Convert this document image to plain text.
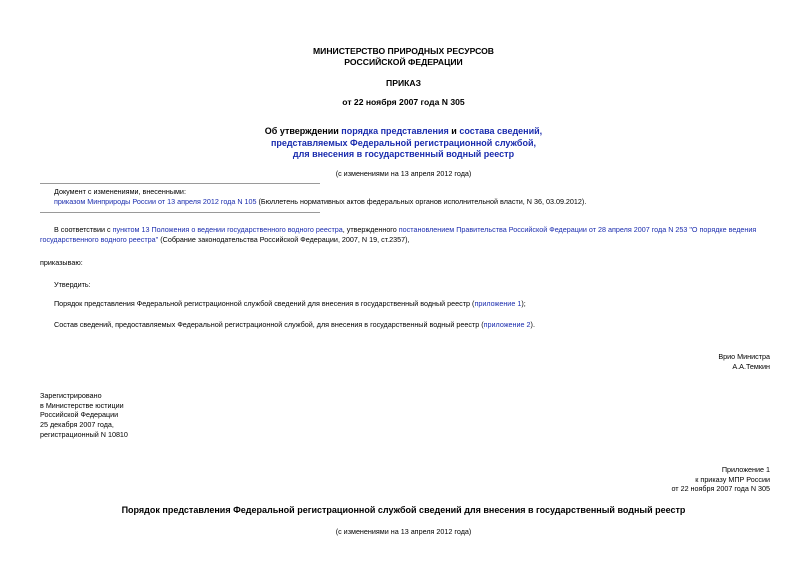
МИНИСТЕРСТВО ПРИРОДНЫХ РЕСУРСОВ
РОССИЙСКОЙ ФЕДЕРАЦИИ
ПРИКАЗ
от 22 ноября 2007 года N 305
Об утверждении порядка представления и состава сведений,
представляемых Федеральной регистрационной службой,
для внесения в государственный водный реестр
(с изменениями на 13 апреля 2012 года)
Документ с изменениями, внесенными:
приказом Минприроды России от 13 апреля 2012 года N 105 (Бюллетень нормативных актов федеральных органов исполнительной власти, N 36, 03.09.2012).
В соответствии с пунктом 13 Положения о ведении государственного водного реестра, утвержденного постановлением Правительства Российской Федерации от 28 апреля 2007 года N 253 "О порядке ведения
государственного водного реестра" (Собрание законодательства Российской Федерации, 2007, N 19, ст.2357),
приказываю:
Утвердить:
Порядок представления Федеральной регистрационной службой сведений для внесения в государственный водный реестр (приложение 1);
Состав сведений, предоставляемых Федеральной регистрационной службой, для внесения в государственный водный реестр (приложение 2).
Врио Министра
А.А.Темкин
Зарегистрировано
в Министерстве юстиции
Российской Федерации
25 декабря 2007 года,
регистрационный N 10810
Приложение 1
к приказу МПР России
от 22 ноября 2007 года N 305
Порядок представления Федеральной регистрационной службой сведений для внесения в государственный водный реестр
(с изменениями на 13 апреля 2012 года)
